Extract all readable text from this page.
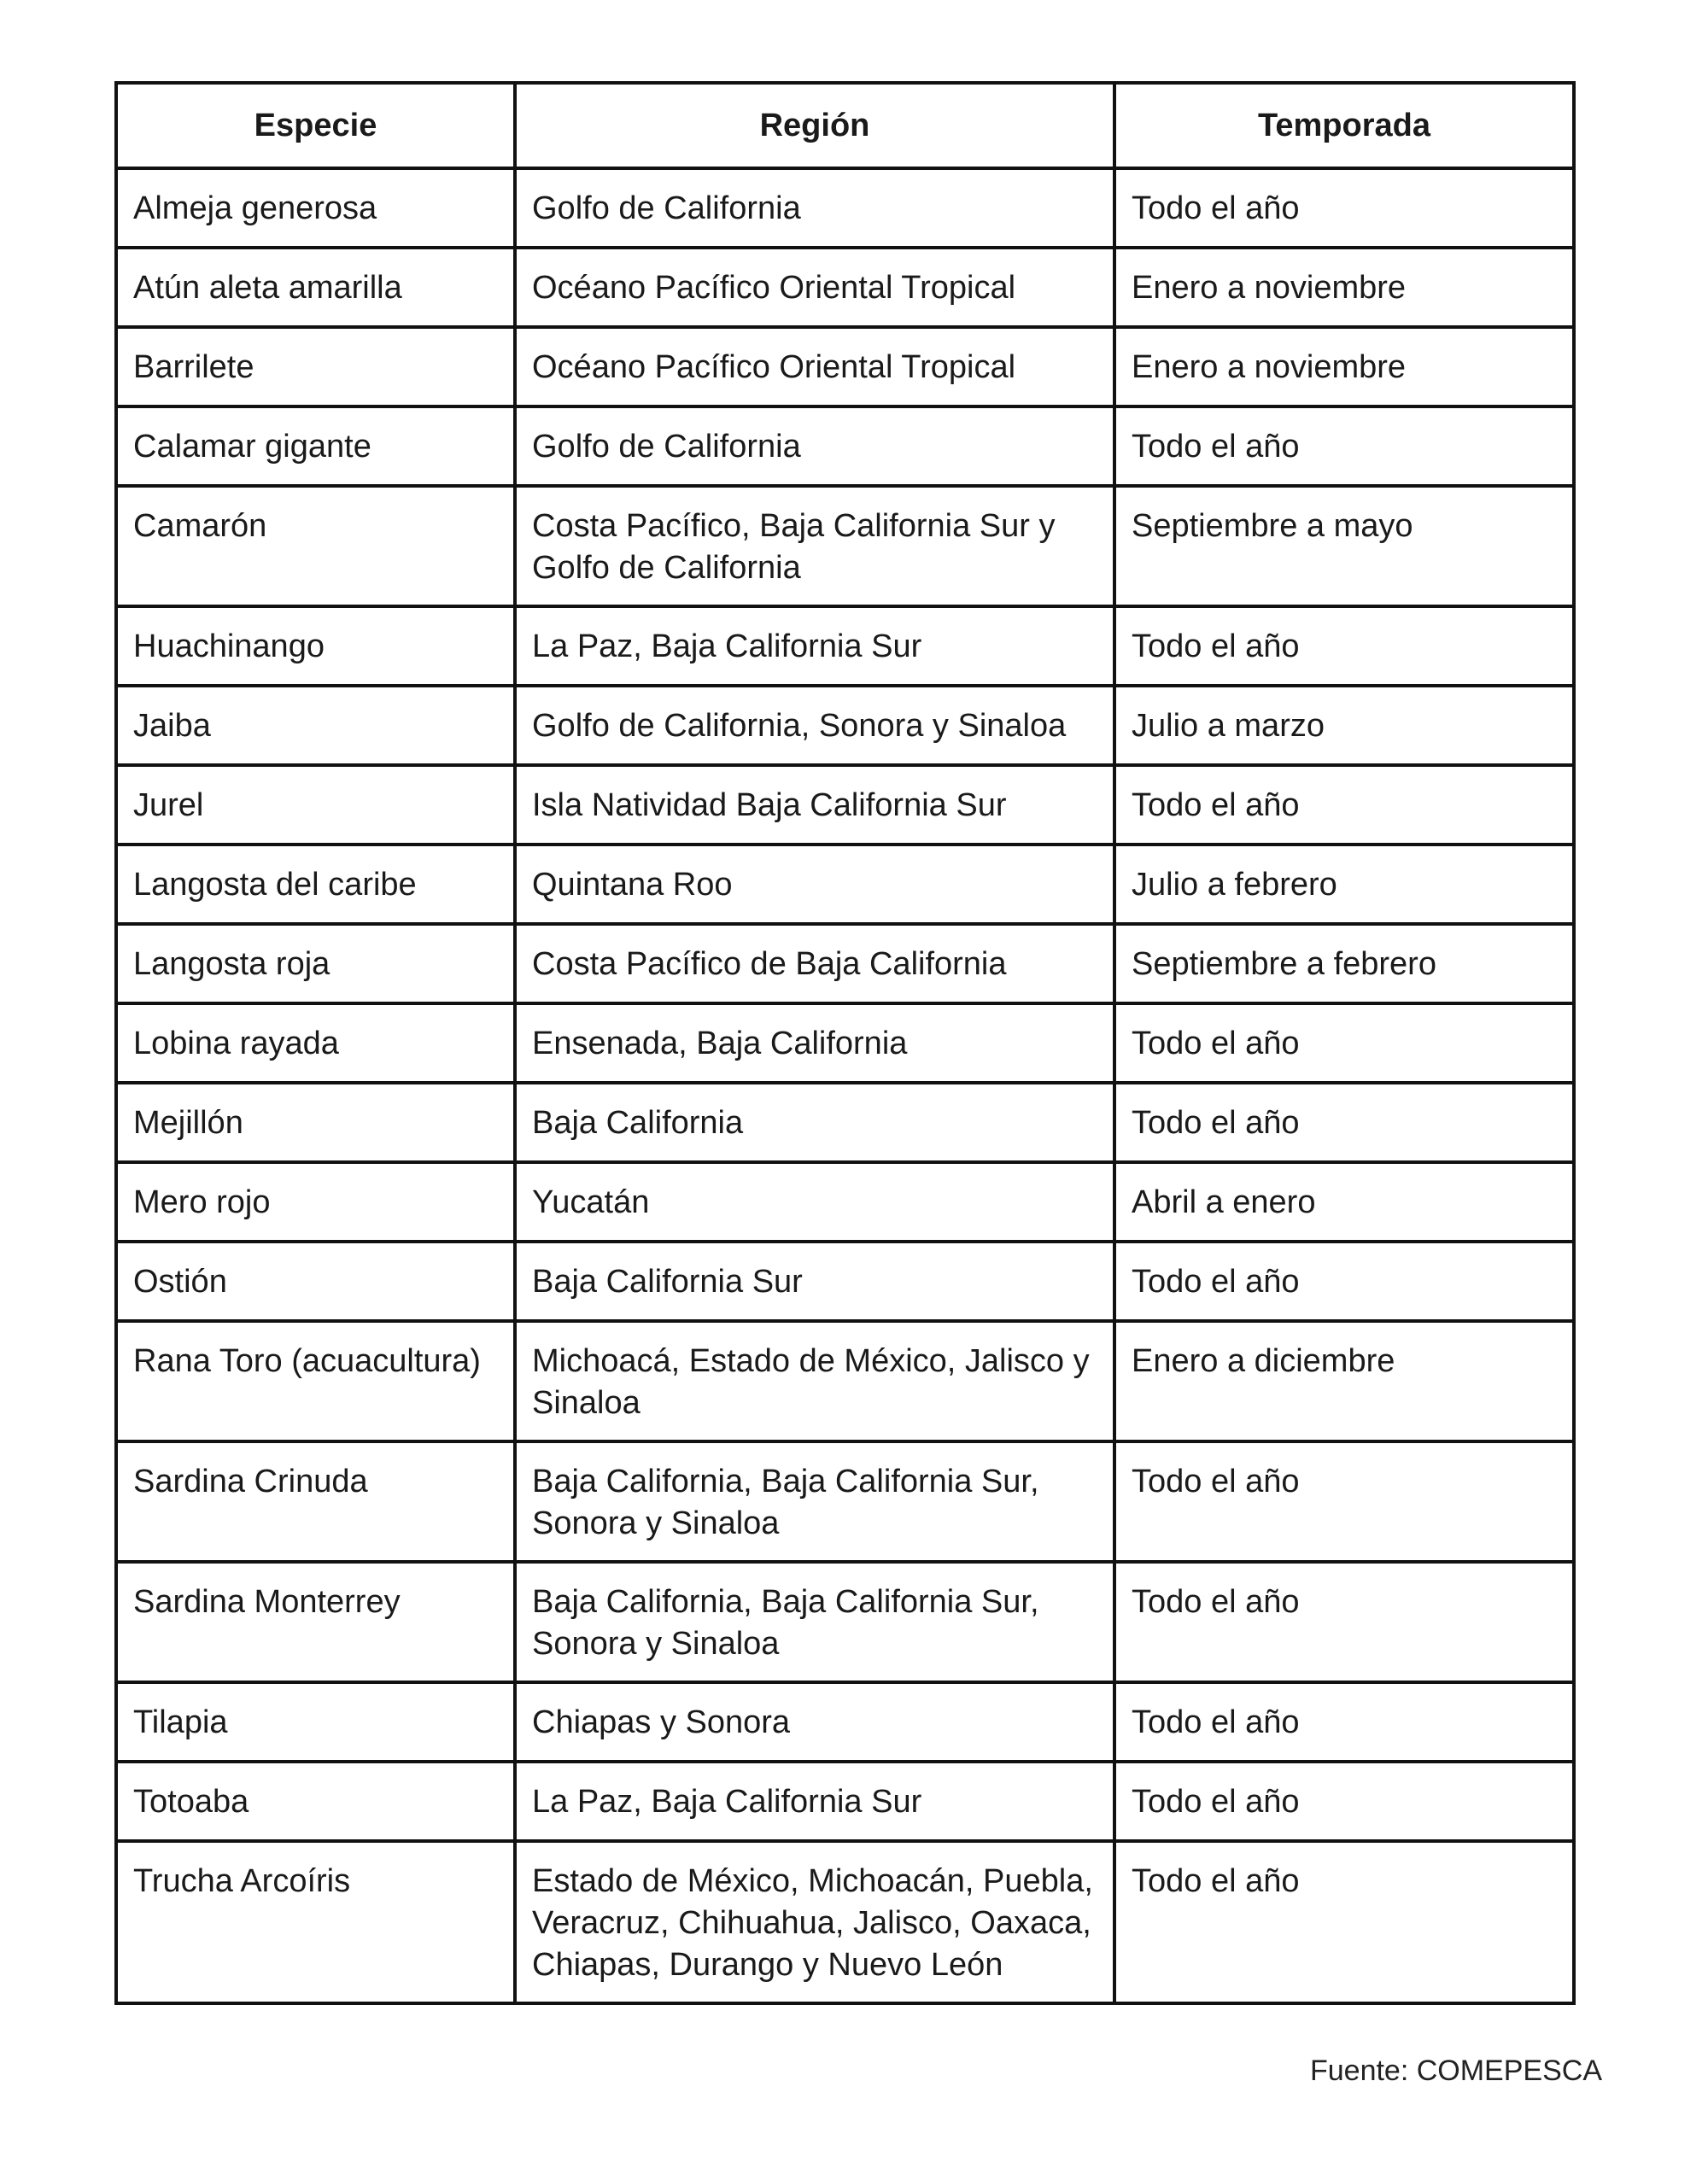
Especie	Región	Temporada
Almeja generosa	Golfo de California	Todo el año
Atún aleta amarilla	Océano Pacífico Oriental Tropical	Enero a noviembre
Barrilete	Océano Pacífico Oriental Tropical	Enero a noviembre
Calamar gigante	Golfo de California	Todo el año
Camarón	Costa Pacífico, Baja California Sur y Golfo de California	Septiembre a mayo
Huachinango	La Paz, Baja California Sur	Todo el año
Jaiba	Golfo de California, Sonora y Sinaloa	Julio a marzo
Jurel	Isla Natividad Baja California Sur	Todo el año
Langosta del caribe	Quintana Roo	Julio a febrero
Langosta roja	Costa Pacífico de Baja California	Septiembre a febrero
Lobina rayada	Ensenada, Baja California	Todo el año
Mejillón	Baja California	Todo el año
Mero rojo	Yucatán	Abril a enero
Ostión	Baja California Sur	Todo el año
Rana Toro (acuacultura)	Michoacá, Estado de México, Jalisco y Sinaloa	Enero a diciembre
Sardina Crinuda	Baja California, Baja California Sur, Sonora y Sinaloa	Todo el año
Sardina Monterrey	Baja California, Baja California Sur, Sonora y Sinaloa	Todo el año
Tilapia	Chiapas y Sonora	Todo el año
Totoaba	La Paz, Baja California Sur	Todo el año
Trucha Arcoíris	Estado de México, Michoacán, Puebla, Veracruz, Chihuahua, Jalisco, Oaxaca, Chiapas, Durango y Nuevo León	Todo el año
Fuente: COMEPESCA
